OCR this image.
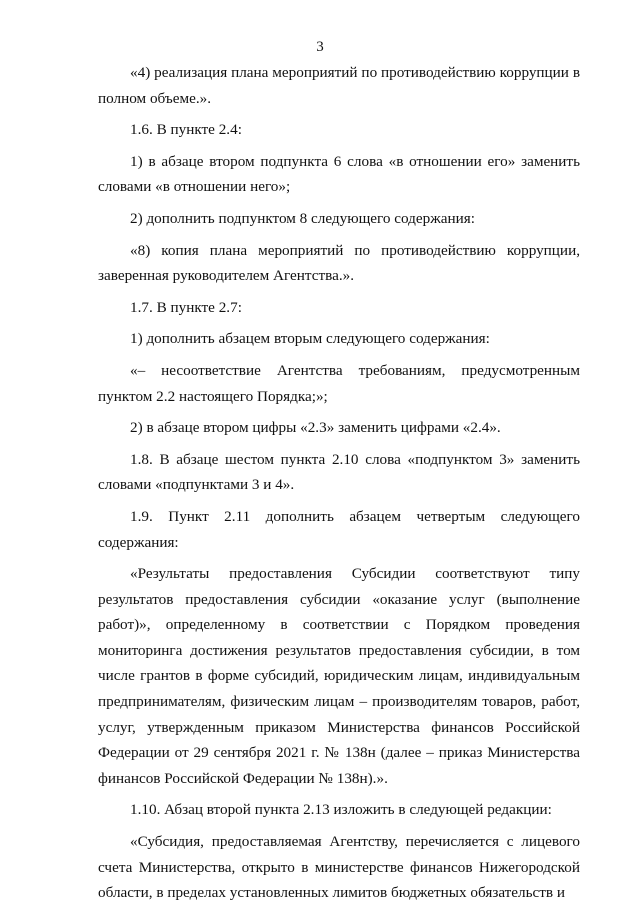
3

«4) реализация плана мероприятий по противодействию коррупции в полном объеме.».

1.6. В пункте 2.4:

1) в абзаце втором подпункта 6 слова «в отношении его» заменить словами «в отношении него»;

2) дополнить подпунктом 8 следующего содержания:

«8) копия плана мероприятий по противодействию коррупции, заверенная руководителем Агентства.».

1.7. В пункте 2.7:

1) дополнить абзацем вторым следующего содержания:

«– несоответствие Агентства требованиям, предусмотренным пунктом 2.2 настоящего Порядка;»;

2) в абзаце втором цифры «2.3» заменить цифрами «2.4».

1.8. В абзаце шестом пункта 2.10 слова «подпунктом 3» заменить словами «подпунктами 3 и 4».

1.9. Пункт 2.11 дополнить абзацем четвертым следующего содержания:

«Результаты предоставления Субсидии соответствуют типу результатов предоставления субсидии «оказание услуг (выполнение работ)», определенному в соответствии с Порядком проведения мониторинга достижения результатов предоставления субсидии, в том числе грантов в форме субсидий, юридическим лицам, индивидуальным предпринимателям, физическим лицам – производителям товаров, работ, услуг, утвержденным приказом Министерства финансов Российской Федерации от 29 сентября 2021 г. № 138н (далее – приказ Министерства финансов Российской Федерации № 138н).».

1.10. Абзац второй пункта 2.13 изложить в следующей редакции:

«Субсидия, предоставляемая Агентству, перечисляется с лицевого счета Министерства, открыто в министерстве финансов Нижегородской области, в пределах установленных лимитов бюджетных обязательств и
